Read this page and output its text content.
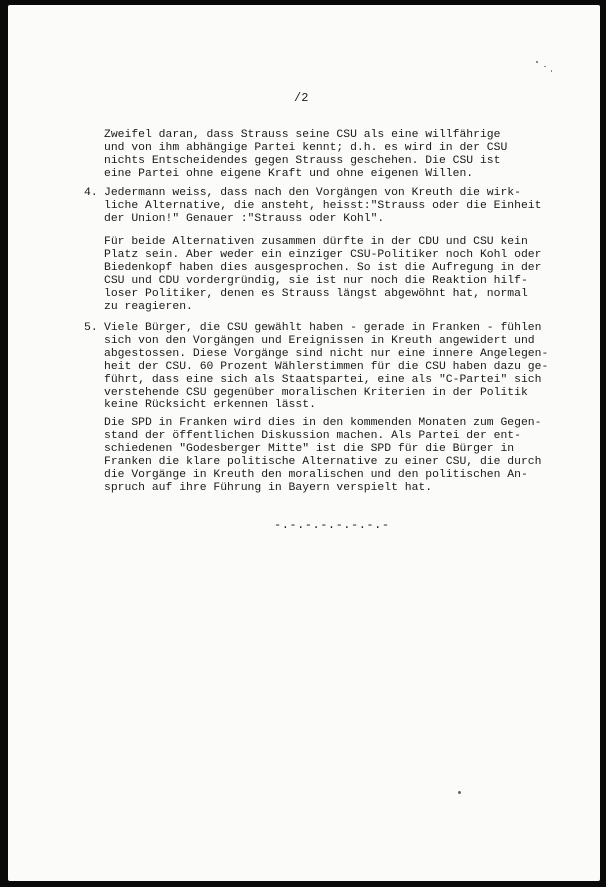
/2
Zweifel daran, dass Strauss seine CSU als eine willfährige
und von ihm abhängige Partei kennt; d.h. es wird in der CSU
nichts Entscheidendes gegen Strauss geschehen. Die CSU ist
eine Partei ohne eigene Kraft und ohne eigenen Willen.
4. Jedermann weiss, dass nach den Vorgängen von Kreuth die wirk-
liche Alternative, die ansteht, heisst:"Strauss oder die Einheit
der Union!" Genauer :"Strauss oder Kohl".
Für beide Alternativen zusammen dürfte in der CDU und CSU kein
Platz sein. Aber weder ein einziger CSU-Politiker noch Kohl oder
Biedenkopf haben dies ausgesprochen. So ist die Aufregung in der
CSU und CDU vordergründig, sie ist nur noch die Reaktion hilf-
loser Politiker, denen es Strauss längst abgewöhnt hat, normal
zu reagieren.
5. Viele Bürger, die CSU gewählt haben - gerade in Franken - fühlen
sich von den Vorgängen und Ereignissen in Kreuth angewidert und
abgestossen. Diese Vorgänge sind nicht nur eine innere Angelegen-
heit der CSU. 60 Prozent Wählerstimmen für die CSU haben dazu ge-
führt, dass eine sich als Staatspartei, eine als "C-Partei" sich
verstehende CSU gegenüber moralischen Kriterien in der Politik
keine Rücksicht erkennen lässt.
Die SPD in Franken wird dies in den kommenden Monaten zum Gegen-
stand der öffentlichen Diskussion machen. Als Partei der ent-
schiedenen "Godesberger Mitte" ist die SPD für die Bürger in
Franken die klare politische Alternative zu einer CSU, die durch
die Vorgänge in Kreuth den moralischen und den politischen An-
spruch auf ihre Führung in Bayern verspielt hat.
-.-.-.-.-.-.-.-
